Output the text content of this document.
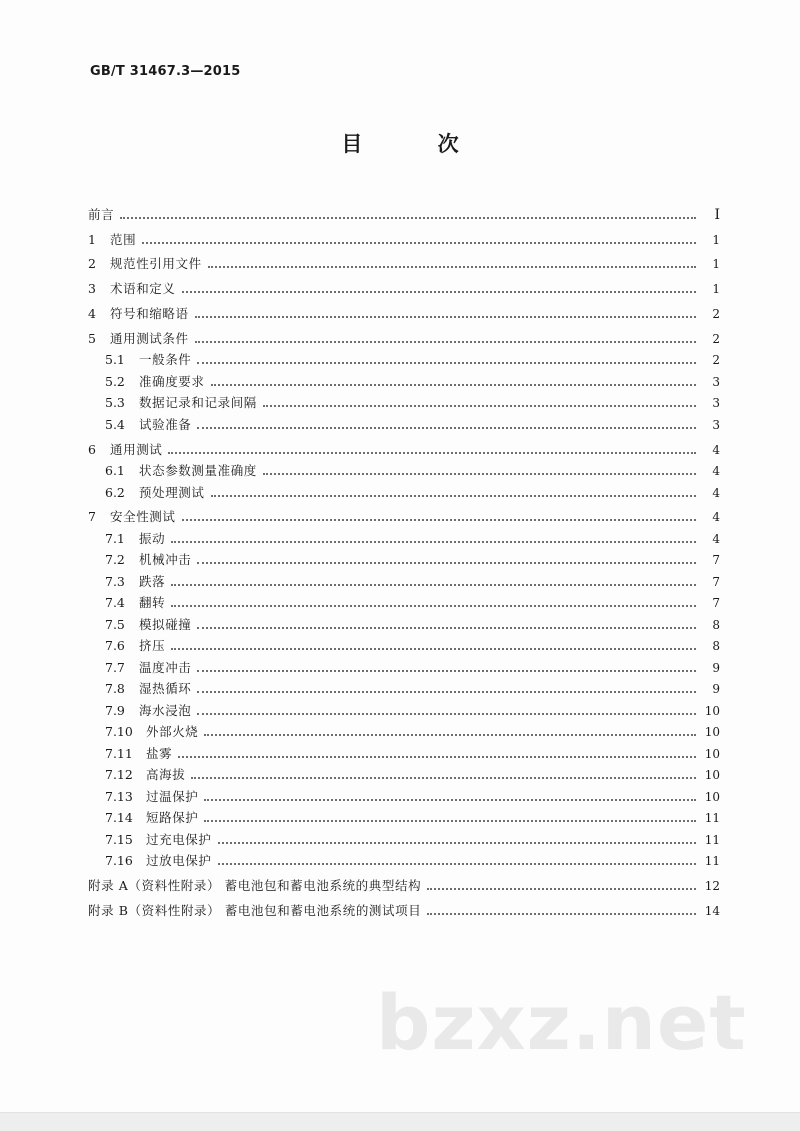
GB/T 31467.3—2015
目 次
前言	I
1	范围	1
2	规范性引用文件	1
3	术语和定义	1
4	符号和缩略语	2
5	通用测试条件	2
5.1	一般条件	2
5.2	准确度要求	3
5.3	数据记录和记录间隔	3
5.4	试验准备	3
6	通用测试	4
6.1	状态参数测量准确度	4
6.2	预处理测试	4
7	安全性测试	4
7.1	振动	4
7.2	机械冲击	7
7.3	跌落	7
7.4	翻转	7
7.5	模拟碰撞	8
7.6	挤压	8
7.7	温度冲击	9
7.8	湿热循环	9
7.9	海水浸泡	10
7.10	外部火烧	10
7.11	盐雾	10
7.12	高海拔	10
7.13	过温保护	10
7.14	短路保护	11
7.15	过充电保护	11
7.16	过放电保护	11
附录 A（资料性附录） 蓄电池包和蓄电池系统的典型结构	12
附录 B（资料性附录） 蓄电池包和蓄电池系统的测试项目	14
bzxz.net
